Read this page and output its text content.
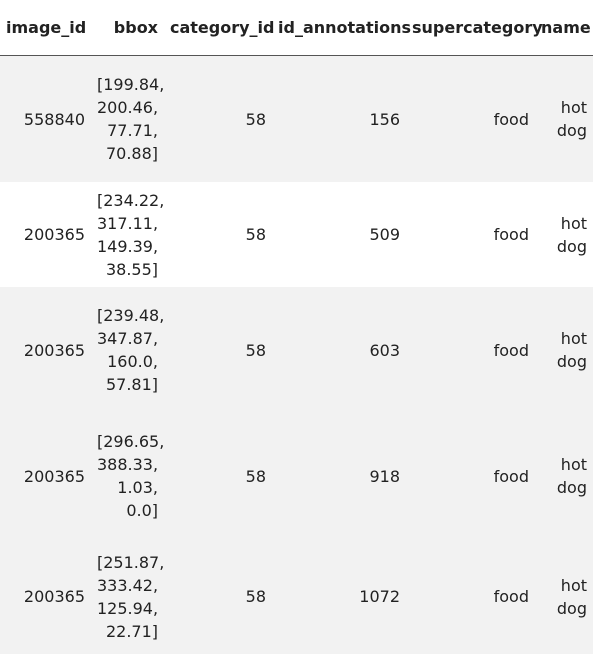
image_id	bbox	category_id	id_annotations	supercategory	name
558840	[199.84,
200.46,
77.71,
70.88]	58	156	food	hot
dog

200365	[234.22,
317.11,
149.39,
38.55]	58	509	food	hot
dog

200365	[239.48,
347.87,
160.0,
57.81]	58	603	food	hot
dog

200365	[296.65,
388.33,
1.03,
0.0]	58	918	food	hot
dog

200365	[251.87,
333.42,
125.94,
22.71]	58	1072	food	hot
dog
